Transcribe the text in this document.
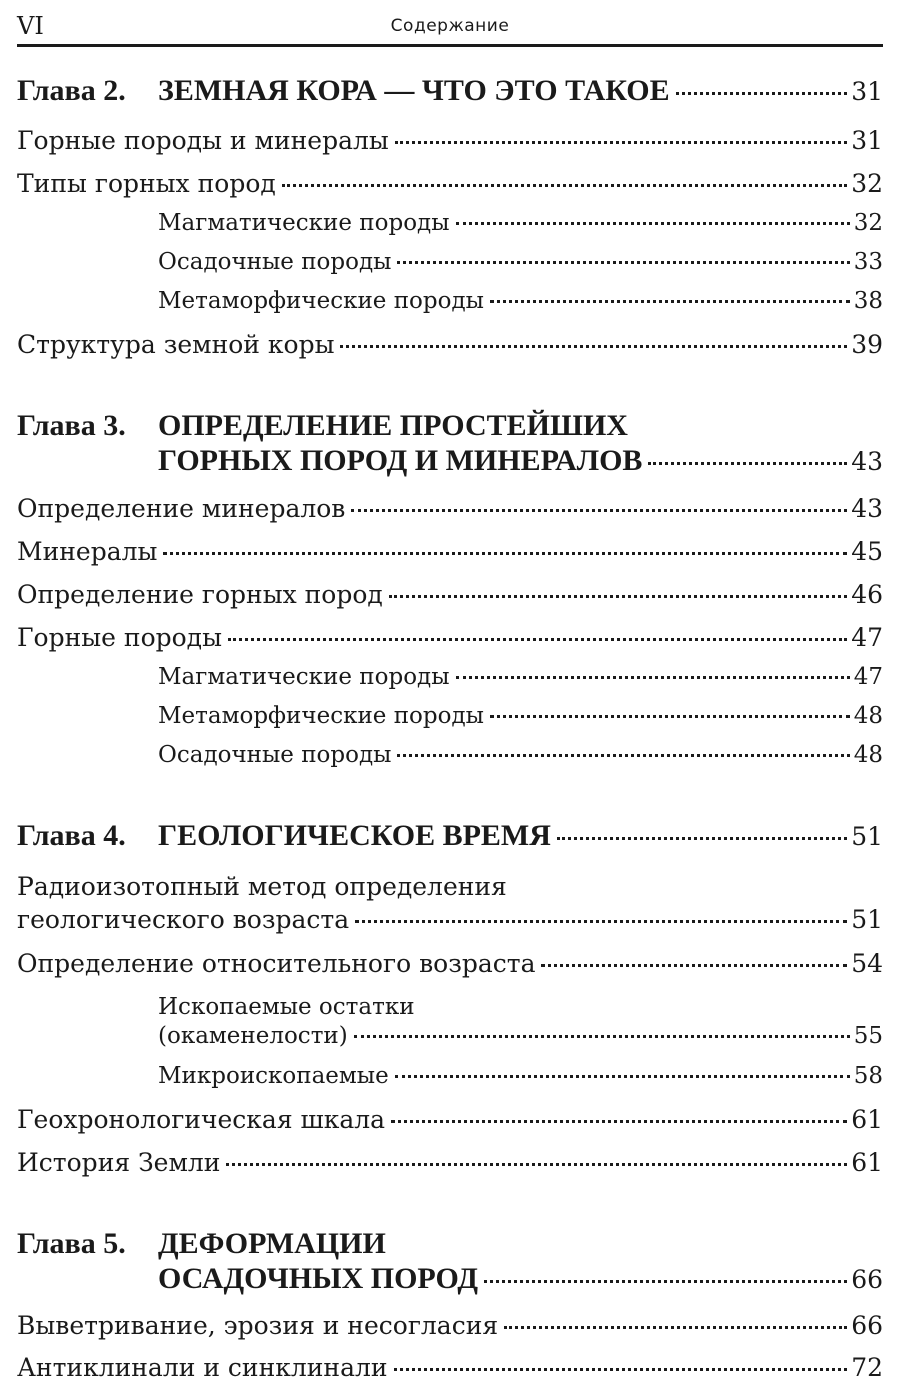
VI	Содержание
Глава 2. ЗЕМНАЯ КОРА — ЧТО ЭТО ТАКОЕ	31
Горные породы и минералы	31
Типы горных пород	32
Магматические породы	32
Осадочные породы	33
Метаморфические породы	38
Структура земной коры	39
Глава 3. ОПРЕДЕЛЕНИЕ ПРОСТЕЙШИХ
ГОРНЫХ ПОРОД И МИНЕРАЛОВ	43
Определение минералов	43
Минералы	45
Определение горных пород	46
Горные породы	47
Магматические породы	47
Метаморфические породы	48
Осадочные породы	48
Глава 4. ГЕОЛОГИЧЕСКОЕ ВРЕМЯ	51
Радиоизотопный метод определения
геологического возраста	51
Определение относительного возраста	54
Ископаемые остатки
(окаменелости)	55
Микроископаемые	58
Геохронологическая шкала	61
История Земли	61
Глава 5. ДЕФОРМАЦИИ
ОСАДОЧНЫХ ПОРОД	66
Выветривание, эрозия и несогласия	66
Антиклинали и синклинали	72
